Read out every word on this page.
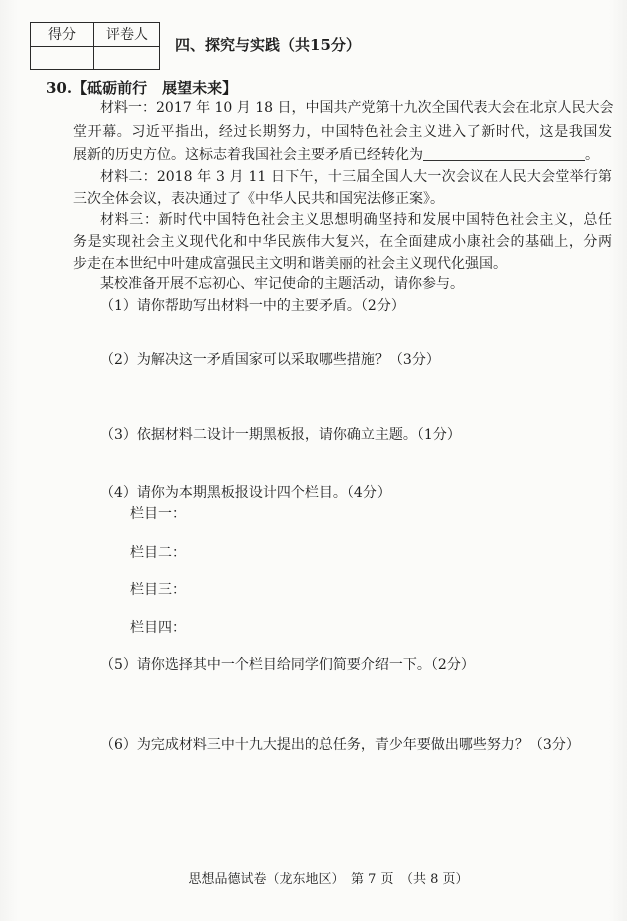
得分	评卷人
四、探究与实践（共15分）
30.【砥砺前行　展望未来】
材料一：2017 年 10 月 18 日，中国共产党第十九次全国代表大会在北京人民大会
堂开幕。习近平指出，经过长期努力，中国特色社会主义进入了新时代，这是我国发
展新的历史方位。这标志着我国社会主要矛盾已经转化为	。
材料二：2018 年 3 月 11 日下午，十三届全国人大一次会议在人民大会堂举行第
三次全体会议，表决通过了《中华人民共和国宪法修正案》。
材料三：新时代中国特色社会主义思想明确坚持和发展中国特色社会主义，总任
务是实现社会主义现代化和中华民族伟大复兴，在全面建成小康社会的基础上，分两
步走在本世纪中叶建成富强民主文明和谐美丽的社会主义现代化强国。
某校准备开展不忘初心、牢记使命的主题活动，请你参与。
（1）请你帮助写出材料一中的主要矛盾。（2分）
（2）为解决这一矛盾国家可以采取哪些措施？（3分）
（3）依据材料二设计一期黑板报，请你确立主题。（1分）
（4）请你为本期黑板报设计四个栏目。（4分）
栏目一：
栏目二：
栏目三：
栏目四：
（5）请你选择其中一个栏目给同学们简要介绍一下。（2分）
（6）为完成材料三中十九大提出的总任务，青少年要做出哪些努力？（3分）
思想品德试卷（龙东地区）　第 7 页　（共 8 页）
